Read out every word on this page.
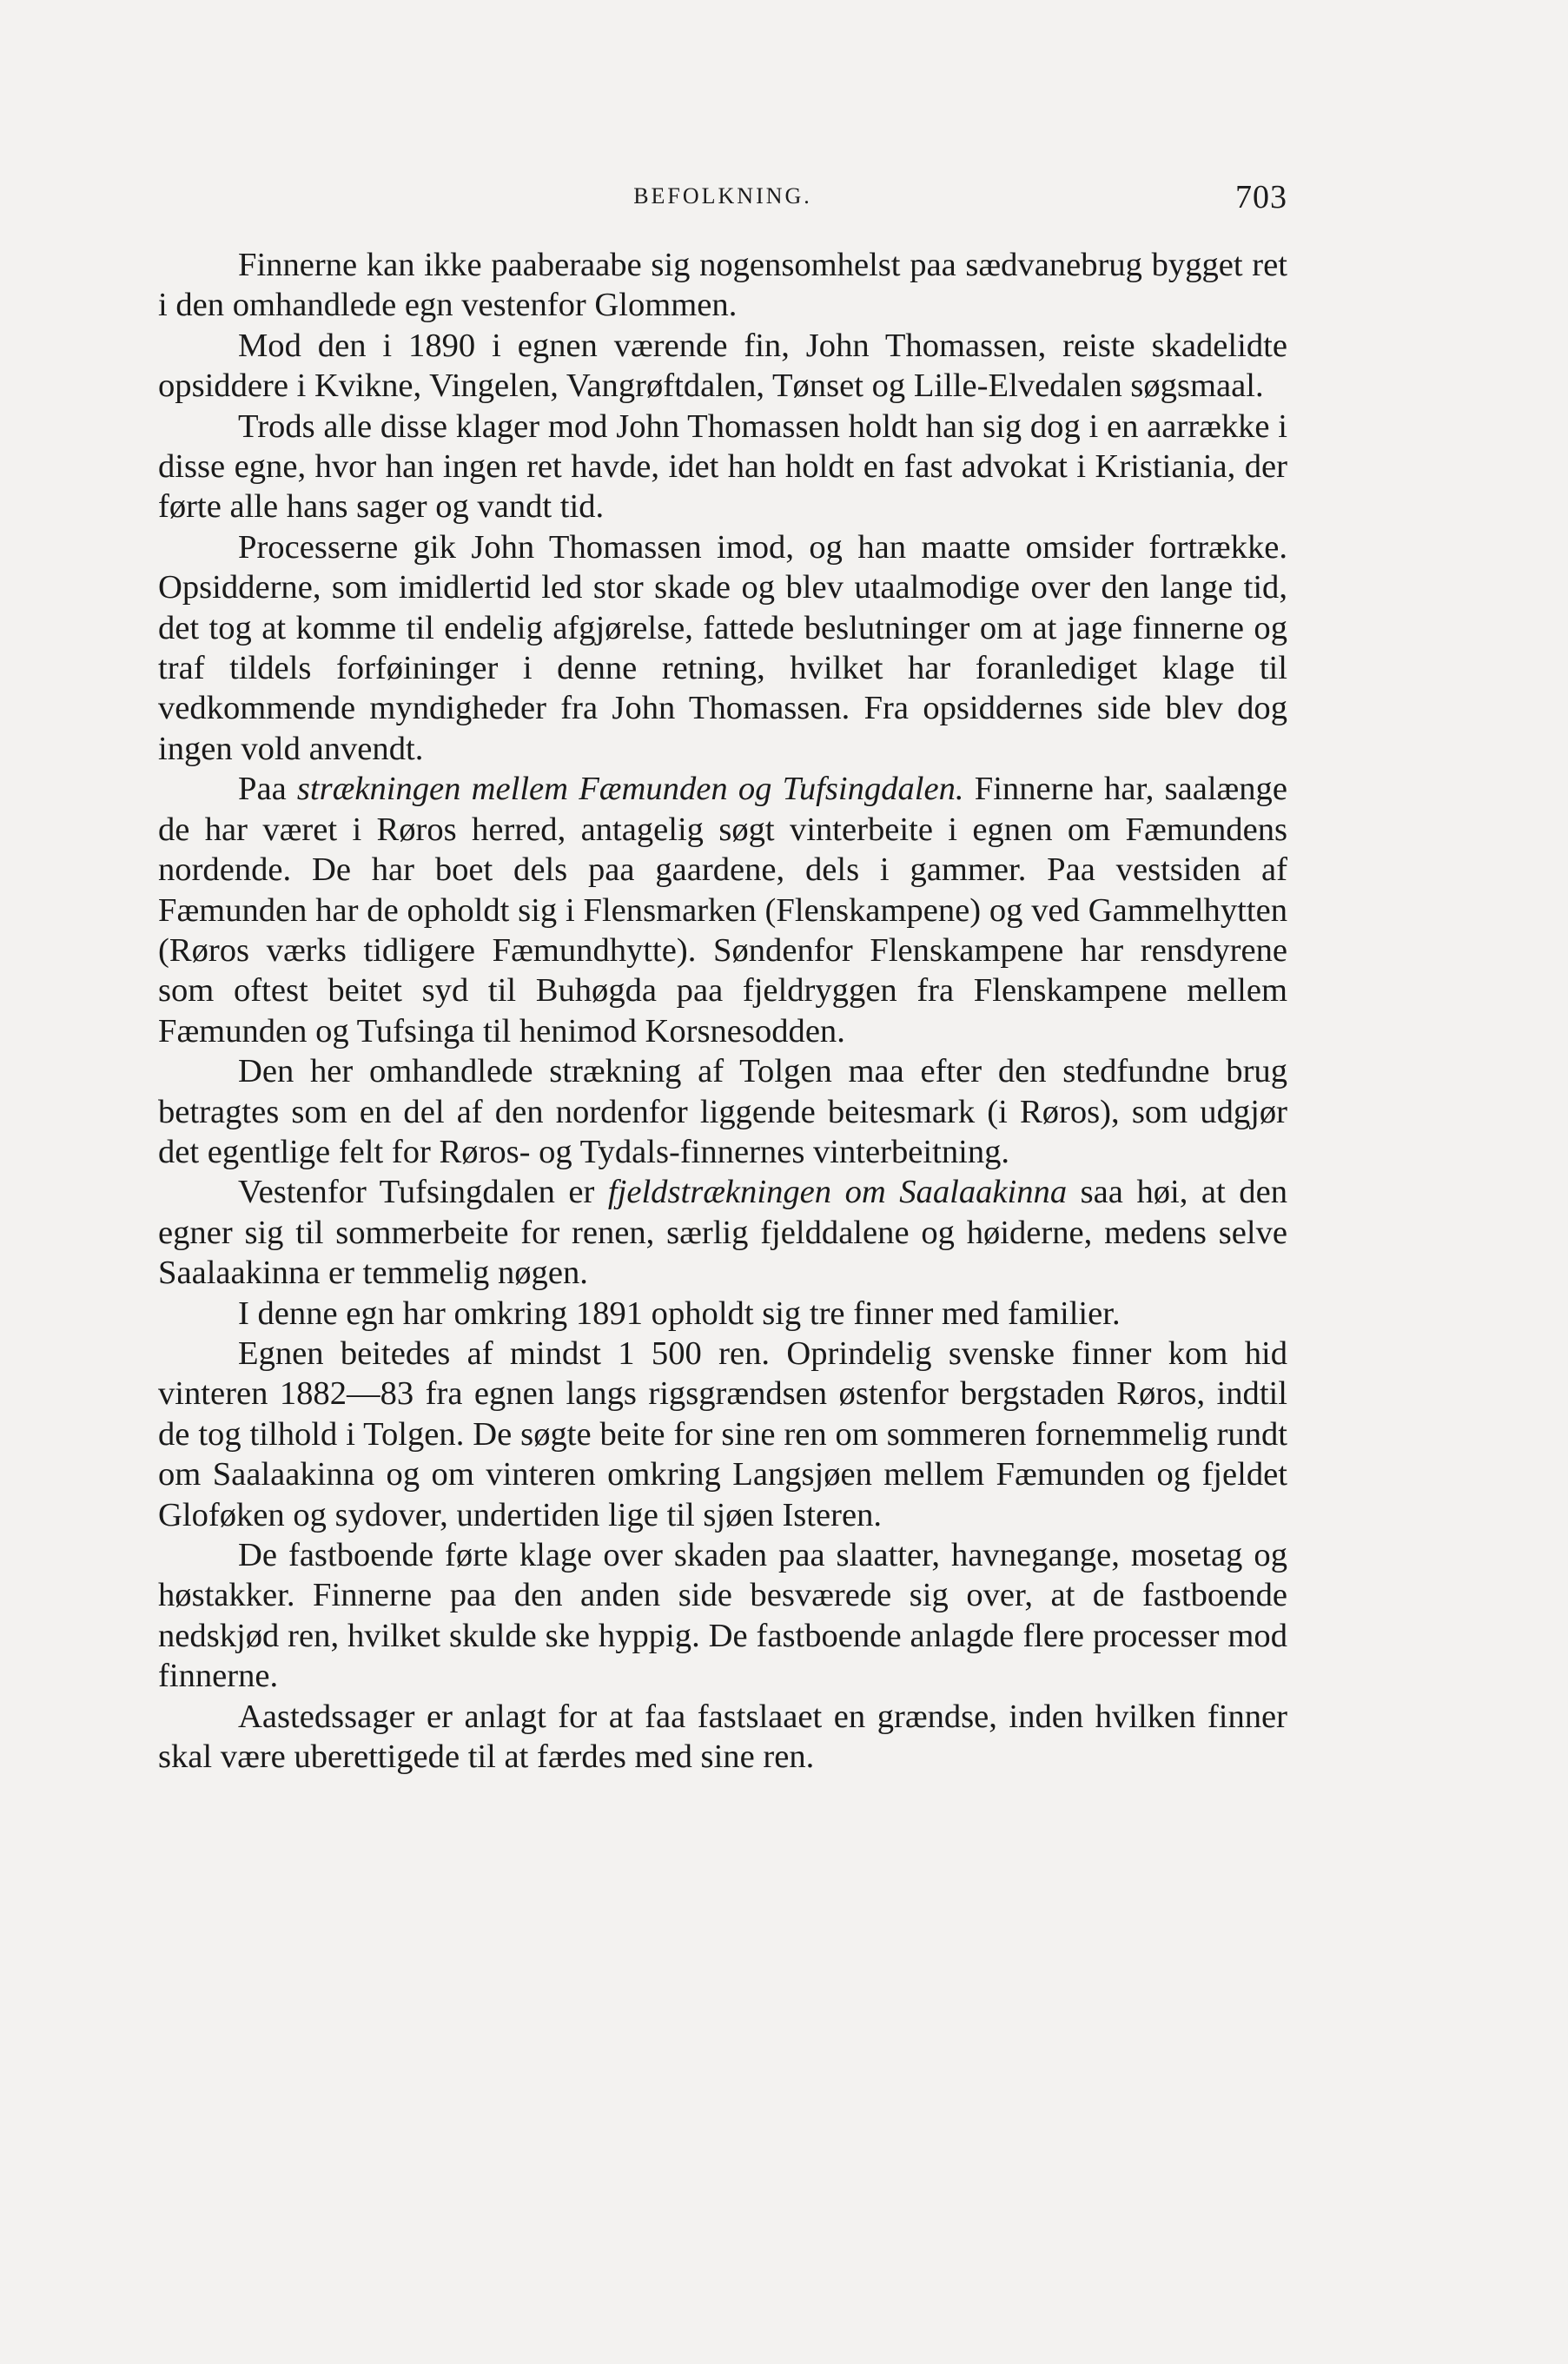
BEFOLKNING.	703

Finnerne kan ikke paaberaabe sig nogensomhelst paa sædvanebrug bygget ret i den omhandlede egn vestenfor Glommen.

Mod den i 1890 i egnen værende fin, John Thomassen, reiste skadelidte opsiddere i Kvikne, Vingelen, Vangrøftdalen, Tønset og Lille-Elvedalen søgsmaal.

Trods alle disse klager mod John Thomassen holdt han sig dog i en aarrække i disse egne, hvor han ingen ret havde, idet han holdt en fast advokat i Kristiania, der førte alle hans sager og vandt tid.

Processerne gik John Thomassen imod, og han maatte omsider fortrække. Opsidderne, som imidlertid led stor skade og blev utaalmodige over den lange tid, det tog at komme til endelig afgjørelse, fattede beslutninger om at jage finnerne og traf tildels forføininger i denne retning, hvilket har foranlediget klage til vedkommende myndigheder fra John Thomassen. Fra opsiddernes side blev dog ingen vold anvendt.

Paa strækningen mellem Fæmunden og Tufsingdalen. Finnerne har, saalænge de har været i Røros herred, antagelig søgt vinterbeite i egnen om Fæmundens nordende. De har boet dels paa gaardene, dels i gammer. Paa vestsiden af Fæmunden har de opholdt sig i Flensmarken (Flenskampene) og ved Gammelhytten (Røros værks tidligere Fæmundhytte). Søndenfor Flenskampene har rensdyrene som oftest beitet syd til Buhøgda paa fjeldryggen fra Flenskampene mellem Fæmunden og Tufsinga til henimod Korsnesodden.

Den her omhandlede strækning af Tolgen maa efter den stedfundne brug betragtes som en del af den nordenfor liggende beitesmark (i Røros), som udgjør det egentlige felt for Røros- og Tydals-finnernes vinterbeitning.

Vestenfor Tufsingdalen er fjeldstrækningen om Saalaakinna saa høi, at den egner sig til sommerbeite for renen, særlig fjelddalene og høiderne, medens selve Saalaakinna er temmelig nøgen.

I denne egn har omkring 1891 opholdt sig tre finner med familier.

Egnen beitedes af mindst 1 500 ren. Oprindelig svenske finner kom hid vinteren 1882—83 fra egnen langs rigsgrændsen østenfor bergstaden Røros, indtil de tog tilhold i Tolgen. De søgte beite for sine ren om sommeren fornemmelig rundt om Saalaakinna og om vinteren omkring Langsjøen mellem Fæmunden og fjeldet Gloføken og sydover, undertiden lige til sjøen Isteren.

De fastboende førte klage over skaden paa slaatter, havnegange, mosetag og høstakker. Finnerne paa den anden side besværede sig over, at de fastboende nedskjød ren, hvilket skulde ske hyppig. De fastboende anlagde flere processer mod finnerne.

Aastedssager er anlagt for at faa fastslaaet en grændse, inden hvilken finner skal være uberettigede til at færdes med sine ren.
